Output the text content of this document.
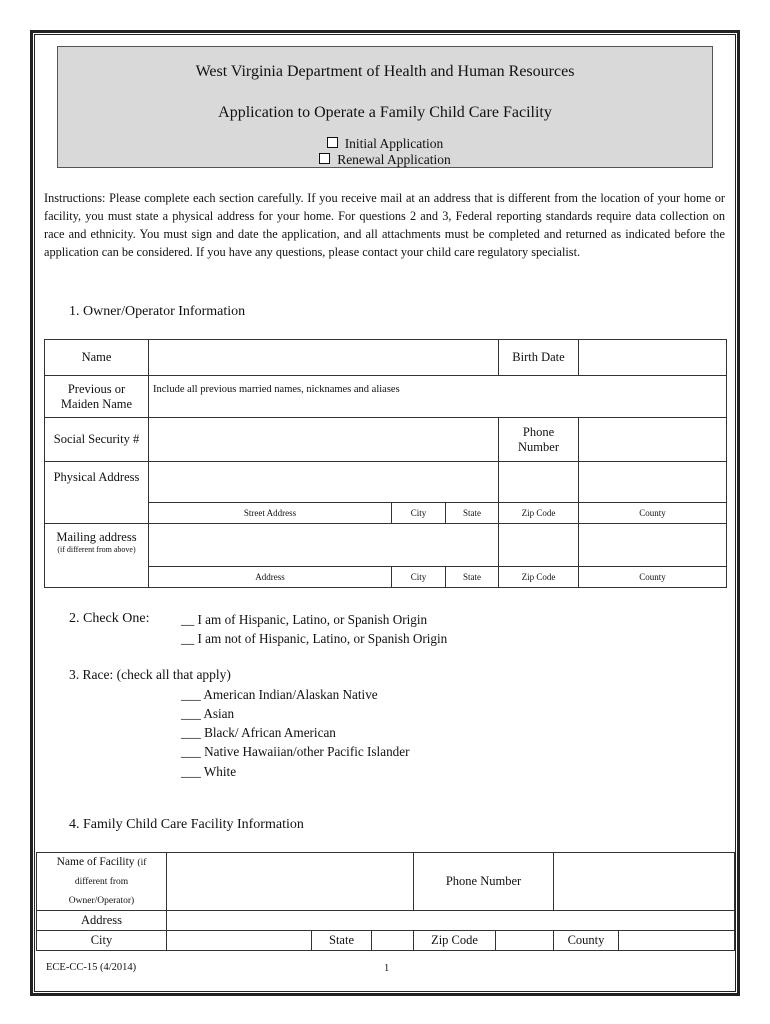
West Virginia Department of Health and Human Resources
Application to Operate a Family Child Care Facility
Initial Application
Renewal Application
Instructions: Please complete each section carefully. If you receive mail at an address that is different from the location of your home or facility, you must state a physical address for your home. For questions 2 and 3, Federal reporting standards require data collection on race and ethnicity. You must sign and date the application, and all attachments must be completed and returned as indicated before the application can be considered. If you have any questions, please contact your child care regulatory specialist.
1. Owner/Operator Information
Name				Birth Date	
Previous or Maiden Name	Include all previous married names, nicknames and aliases				
Social Security #				Phone Number	
Physical Address					
	Street Address	City	State	Zip Code	County
Mailing address
(if different from above)					

	Address	City	State	Zip Code	County
2. Check One: __ I am of Hispanic, Latino, or Spanish Origin
__ I am not of Hispanic, Latino, or Spanish Origin
3. Race: (check all that apply)
___ American Indian/Alaskan Native
___ Asian
___ Black/ African American
___ Native Hawaiian/other Pacific Islander
___ White
4. Family Child Care Facility Information
Name of Facility (if
different from Owner/Operator)				Phone Number			
Address							
City		State		Zip Code		County	
ECE-CC-15 (4/2014)	1
